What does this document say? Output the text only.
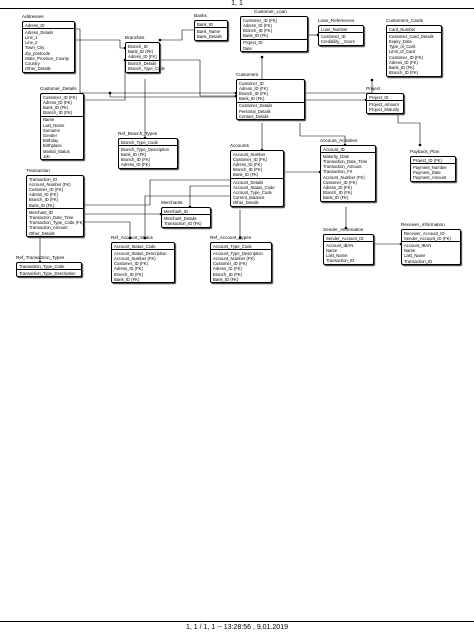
1, 1
Addresses
Adress_ID
Adress_Details
Line_1
Line_2
Town_City
Zip_postcode
State_Province_County
Country
Other_Details
Banks
Bank_ID
Bank_Name
Bank_Details
Customer_Loan
Customer_ID (FK)
Adress_ID (FK)
Branch_ID (FK)
Bank_ID (FK)
Project_ID
Date
Loan_References
Loan_Number
Customer_ID
Credibility__Score
Customers_Cards
Card_Number
Customer_Card_Details
Expiry_Date
Type_of_Card
Limit_of_Card
Customer_ID (FK)
Adress_ID (FK)
Bank_ID (FK)
Branch_ID (FK)
Branches
Branch_ID
Bank_ID (FK)
Adress_ID (FK)
Branch_Details
Branch_Type_Code
Customers
Customer_ID
Adress_ID (FK)
Branch_ID (FK)
Bank_ID (FK)
Customer_Details
Personal_Details
Contact_Details
Project
Project_ID
Project_Amount
Project_Maturity
Customer_Details
Customer_ID (FK)
Adress_ID (FK)
Bank_ID (FK)
Branch_ID (FK)
Name
Last_Name
Surname
Gender
Birthday
Birthplace
Marital_Status
Job
Ref_Branch_Types
Branch_Type_Code
Branch_Type_Description
Bank_ID (FK)
Branch_ID (FK)
Adress_ID (FK)
Account_Activities
Account_ID
Maturity_Date
Transaction_Date_Time
Transaction_Amount
Transaction_FX
Account_Number (FK)
Customer_ID (FK)
Adress_ID (FK)
Branch_ID (FK)
Bank_ID (FK)
Payback_Plan
Project_ID (FK)
Payment_Number
Payment_Date
Payment_Amount
Accounts
Account_Number
Customer_ID (FK)
Adress_ID (FK)
Branch_ID (FK)
Bank_ID (FK)
Account_Details
Account_Status_Code
Account_Type_Code
Current_Balance
Other_Details
Transaction
Transaction_ID
Account_Number (FK)
Customer_ID (FK)
Adress_ID (FK)
Branch_ID (FK)
Bank_ID (FK)
Merchant_ID
Transaction_Date_Time
Transaction_Type_Code (FK)
Transaction_Amount
Other_Details
Merchants
Merchant_ID
Merchant_Details
Transaction_ID (FK)
Sender_Information
Sender_Account_ID
Account_IBAN
Name
Last_Name
Transaction_ID
Receiver_Information
Receiver_Account_ID
Sender_Account_ID (FK)
Account_IBAN
Name
Last_Name
Transaction_ID
Ref_Account_Status
Account_Status_Code
Account_Status_Description
Account_Number (FK)
Customer_ID (FK)
Adress_ID (FK)
Branch_ID (FK)
Bank_ID (FK)
Ref_Account_Types
Account_Type_Code
Account_Type_Description
Account_Number (FK)
Customer_ID (FK)
Adress_ID (FK)
Branch_ID (FK)
Bank_ID (FK)
Ref_Transaction_Types
Transaction_Type_Code
Transaction_Type_Description
1, 1 / 1, 1 -- 13:28:56 , 9.01.2019
